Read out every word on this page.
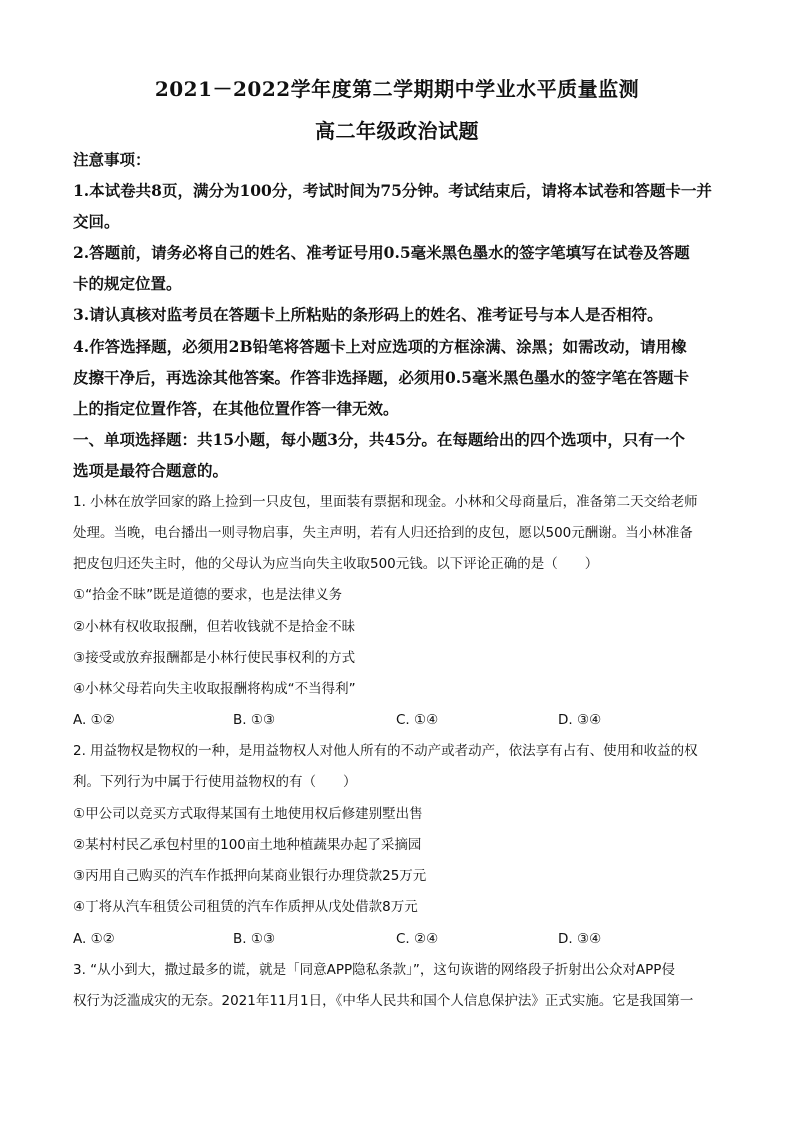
2021－2022学年度第二学期期中学业水平质量监测
高二年级政治试题
注意事项：
1.本试卷共8页，满分为100分，考试时间为75分钟。考试结束后，请将本试卷和答题卡一并
交回。
2.答题前，请务必将自己的姓名、准考证号用0.5毫米黑色墨水的签字笔填写在试卷及答题
卡的规定位置。
3.请认真核对监考员在答题卡上所粘贴的条形码上的姓名、准考证号与本人是否相符。
4.作答选择题，必须用2B铅笔将答题卡上对应选项的方框涂满、涂黑；如需改动，请用橡
皮擦干净后，再选涂其他答案。作答非选择题，必须用0.5毫米黑色墨水的签字笔在答题卡
上的指定位置作答，在其他位置作答一律无效。
一、单项选择题：共15小题，每小题3分，共45分。在每题给出的四个选项中，只有一个
选项是最符合题意的。
1. 小林在放学回家的路上捡到一只皮包，里面装有票据和现金。小林和父母商量后，准备第二天交给老师
处理。当晚，电台播出一则寻物启事，失主声明，若有人归还拾到的皮包，愿以500元酬谢。当小林准备
把皮包归还失主时，他的父母认为应当向失主收取500元钱。以下评论正确的是（　　）
①“拾金不昧”既是道德的要求，也是法律义务
②小林有权收取报酬，但若收钱就不是拾金不昧
③接受或放弃报酬都是小林行使民事权利的方式
④小林父母若向失主收取报酬将构成“不当得利”
A. ①②	B. ①③	C. ①④	D. ③④
2. 用益物权是物权的一种，是用益物权人对他人所有的不动产或者动产，依法享有占有、使用和收益的权
利。下列行为中属于行使用益物权的有（　　）
①甲公司以竞买方式取得某国有土地使用权后修建别墅出售
②某村村民乙承包村里的100亩土地种植蔬果办起了采摘园
③丙用自己购买的汽车作抵押向某商业银行办理贷款25万元
④丁将从汽车租赁公司租赁的汽车作质押从戊处借款8万元
A. ①②	B. ①③	C. ②④	D. ③④
3. “从小到大，撒过最多的谎，就是「同意APP隐私条款」”，这句诙谐的网络段子折射出公众对APP侵
权行为泛滥成灾的无奈。2021年11月1日，《中华人民共和国个人信息保护法》正式实施。它是我国第一
